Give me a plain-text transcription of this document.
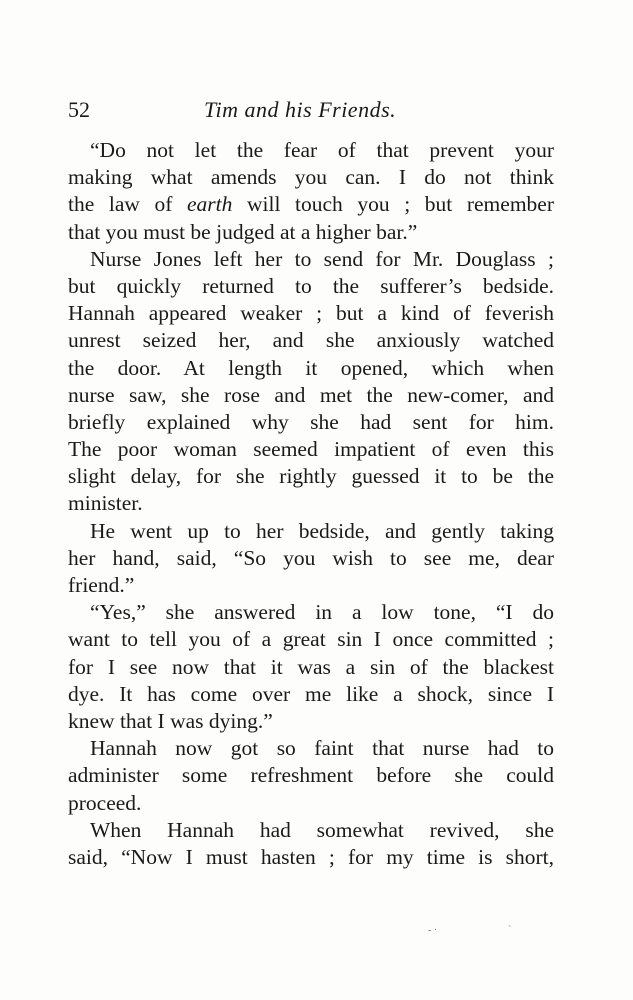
52	Tim and his Friends.
“Do not let the fear of that prevent your
making what amends you can. I do not think
the law of earth will touch you ; but remember
that you must be judged at a higher bar.”
Nurse Jones left her to send for Mr. Douglass ;
but quickly returned to the sufferer’s bedside.
Hannah appeared weaker ; but a kind of feverish
unrest seized her, and she anxiously watched
the door. At length it opened, which when
nurse saw, she rose and met the new-comer, and
briefly explained why she had sent for him.
The poor woman seemed impatient of even this
slight delay, for she rightly guessed it to be the
minister.
He went up to her bedside, and gently taking
her hand, said, “So you wish to see me, dear
friend.”
“Yes,” she answered in a low tone, “I do
want to tell you of a great sin I once committed ;
for I see now that it was a sin of the blackest
dye. It has come over me like a shock, since I
knew that I was dying.”
Hannah now got so faint that nurse had to
administer some refreshment before she could
proceed.
When Hannah had somewhat revived, she
said, “Now I must hasten ; for my time is short,
- ·	`
